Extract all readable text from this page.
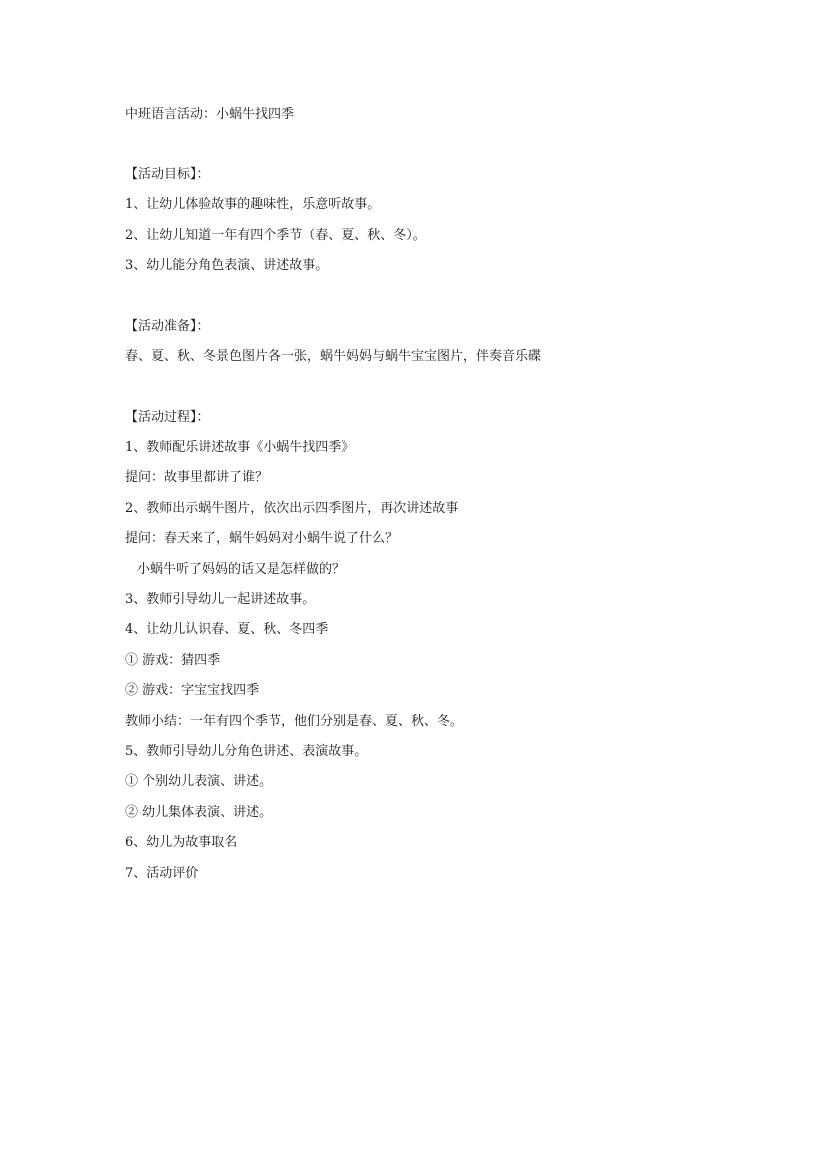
中班语言活动：小蜗牛找四季
【活动目标】：
1、让幼儿体验故事的趣味性，乐意听故事。
2、让幼儿知道一年有四个季节（春、夏、秋、冬）。
3、幼儿能分角色表演、讲述故事。
【活动准备】：
春、夏、秋、冬景色图片各一张，蜗牛妈妈与蜗牛宝宝图片，伴奏音乐碟
【活动过程】：
1、教师配乐讲述故事《小蜗牛找四季》
提问：故事里都讲了谁？
2、教师出示蜗牛图片，依次出示四季图片，再次讲述故事
提问：春天来了，蜗牛妈妈对小蜗牛说了什么？
小蜗牛听了妈妈的话又是怎样做的？
3、教师引导幼儿一起讲述故事。
4、让幼儿认识春、夏、秋、冬四季
① 游戏：猜四季
② 游戏：字宝宝找四季
教师小结：一年有四个季节，他们分别是春、夏、秋、冬。
5、教师引导幼儿分角色讲述、表演故事。
① 个别幼儿表演、讲述。
② 幼儿集体表演、讲述。
6、幼儿为故事取名
7、活动评价
